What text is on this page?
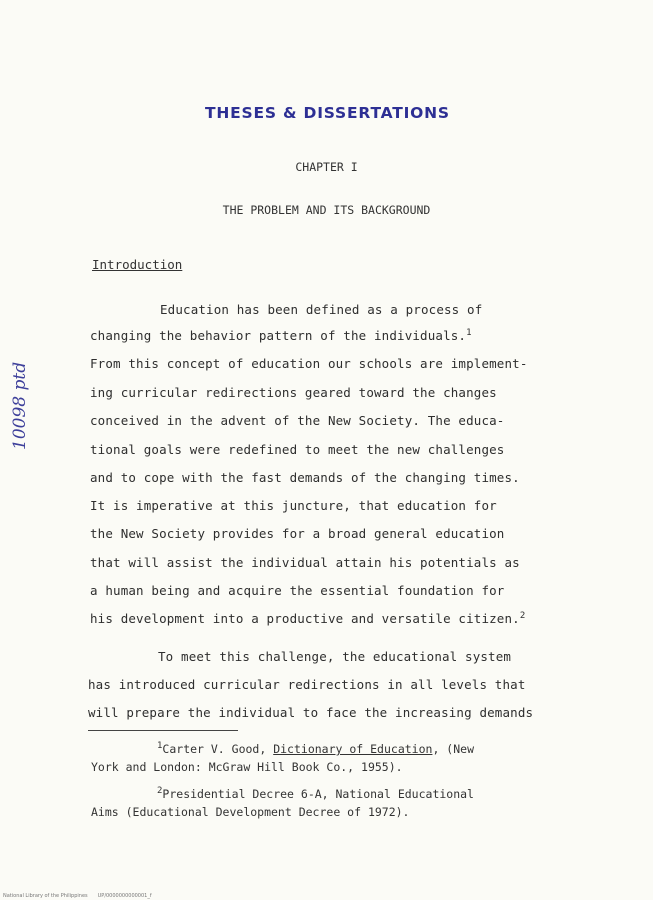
THESES & DISSERTATIONS
CHAPTER I
THE PROBLEM AND ITS BACKGROUND
Introduction
Education has been defined as a process of
changing the behavior pattern of the individuals.$^1$
From this concept of education our schools are implement-
ing curricular redirections geared toward the changes
conceived in the advent of the New Society. The educa-
tional goals were redefined to meet the new challenges
and to cope with the fast demands of the changing times.
It is imperative at this juncture, that education for
the New Society provides for a broad general education
that will assist the individual attain his potentials as
a human being and acquire the essential foundation for
his development into a productive and versatile citizen.$^2$
To meet this challenge, the educational system
has introduced curricular redirections in all levels that
will prepare the individual to face the increasing demands
$^1$Carter V. Good, Dictionary of Education, (New
York and London: McGraw Hill Book Co., 1955).
$^2$Presidential Decree 6-A, National Educational
Aims (Educational Development Decree of 1972).
10098 ptd
National Library of the Philippines UP/0000000000001_f
